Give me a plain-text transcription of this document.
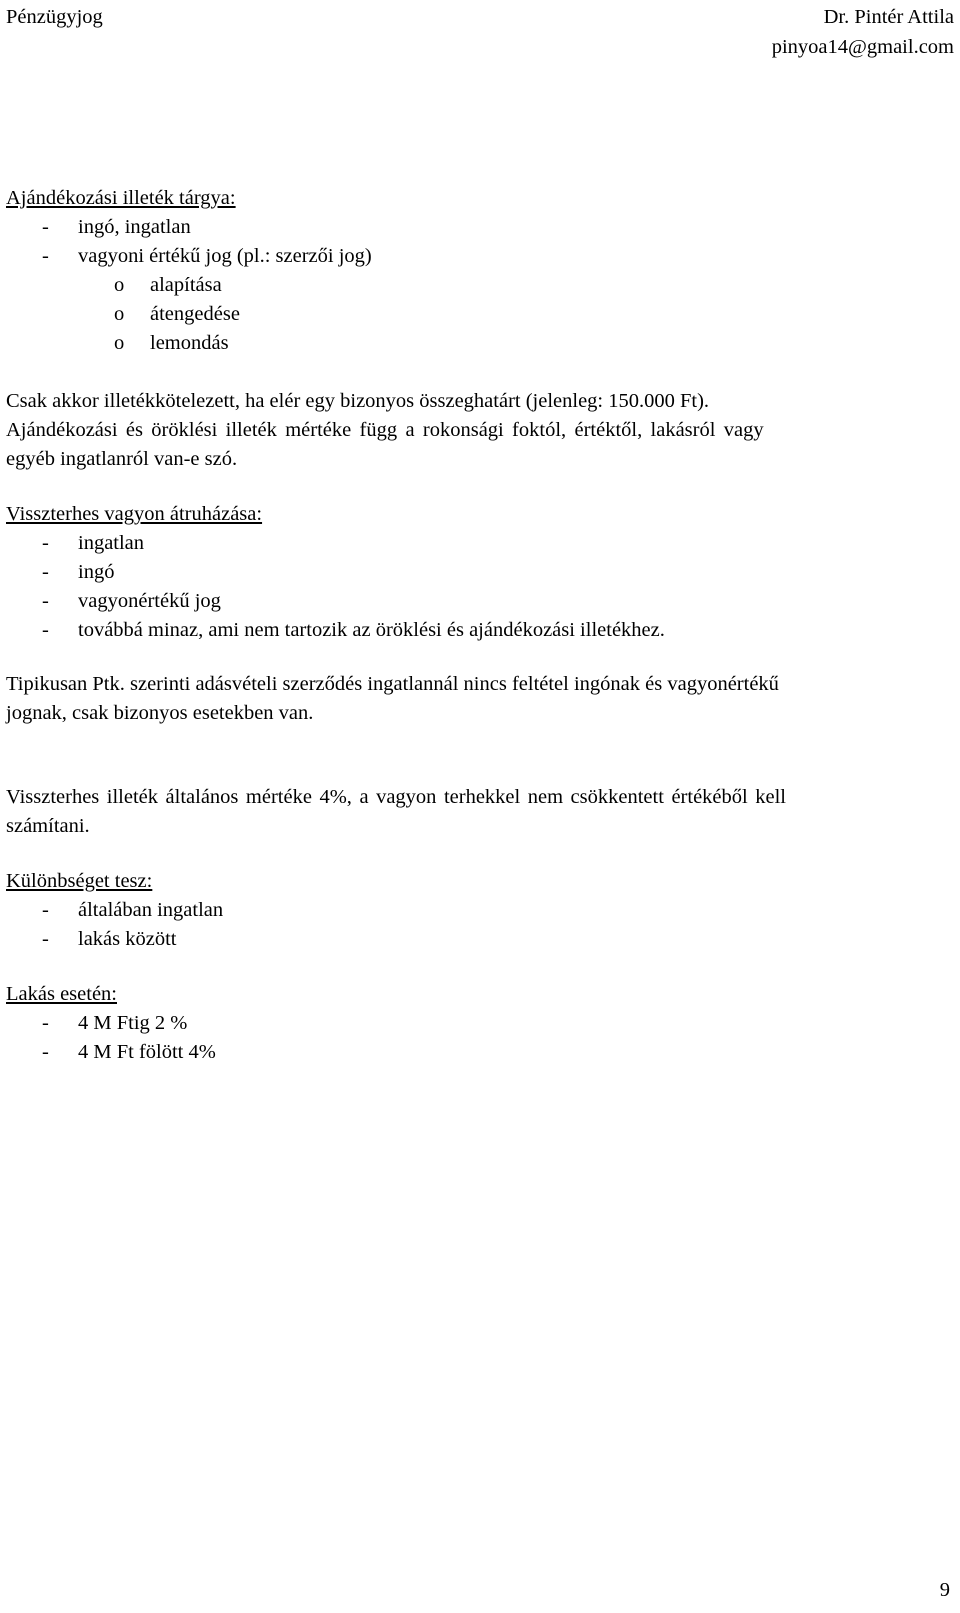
Pénzügyjog	Dr. Pintér Attila
pinyoa14@gmail.com
Ajándékozási illeték tárgya:
- ingó, ingatlan
- vagyoni értékű jog (pl.: szerzői jog)
o alapítása
o átengedése
o lemondás
Csak akkor illetékkötelezett, ha elér egy bizonyos összeghatárt (jelenleg: 150.000 Ft).
Ajándékozási és öröklési illeték mértéke függ a rokonsági foktól, értéktől, lakásról vagy
egyéb ingatlanról van-e szó.
Visszterhes vagyon átruházása:
- ingatlan
- ingó
- vagyonértékű jog
- továbbá minaz, ami nem tartozik az öröklési és ajándékozási illetékhez.
Tipikusan Ptk. szerinti adásvételi szerződés ingatlannál nincs feltétel ingónak és vagyonértékű
jognak, csak bizonyos esetekben van.
Visszterhes illeték általános mértéke 4%, a vagyon terhekkel nem csökkentett értékéből kell
számítani.
Különbséget tesz:
- általában ingatlan
- lakás között
Lakás esetén:
- 4 M Ftig 2 %
- 4 M Ft fölött 4%
9
